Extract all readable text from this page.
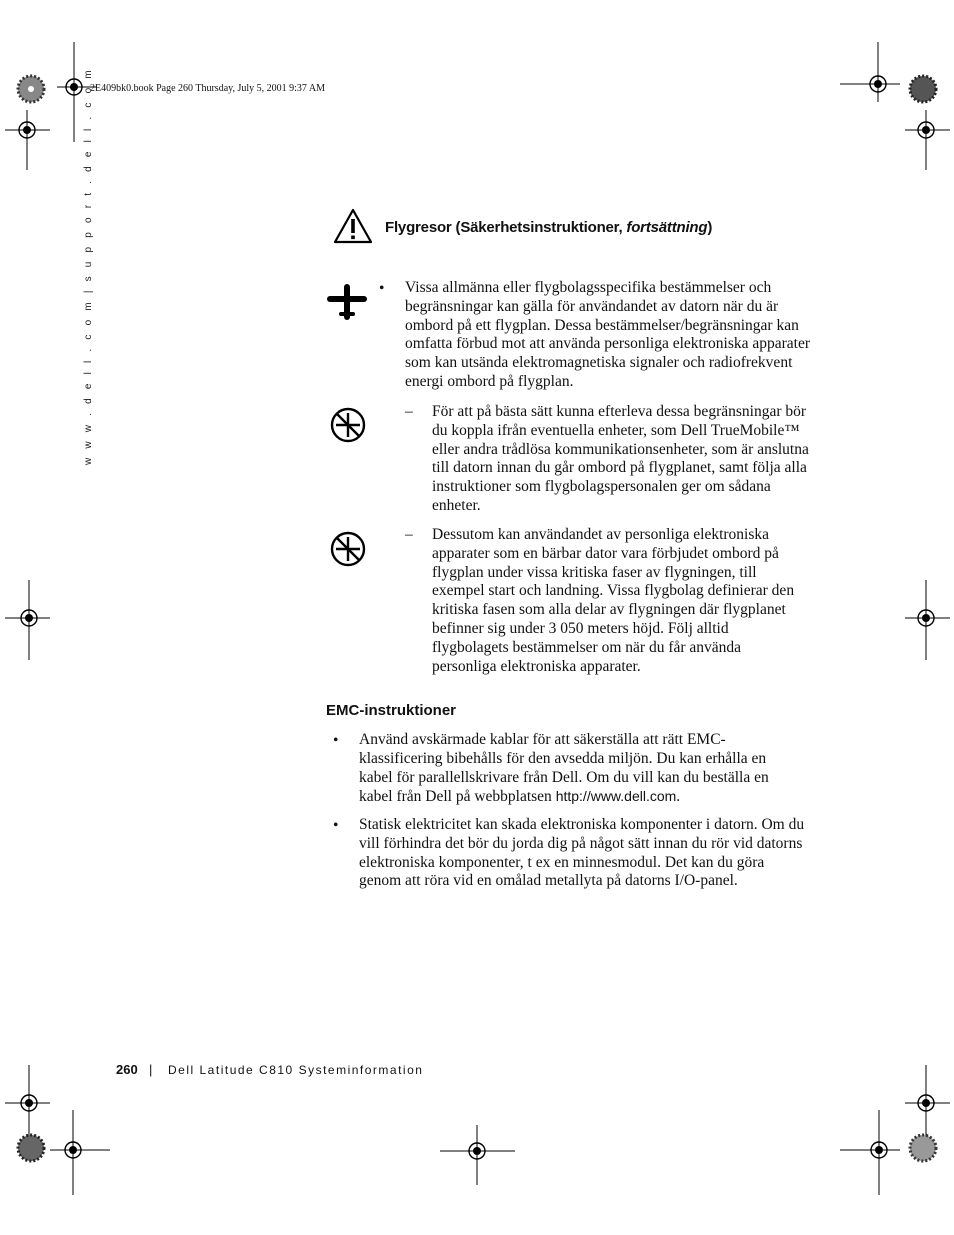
2E409bk0.book Page 260 Thursday, July 5, 2001 9:37 AM
w w w . d e l l . c o m | s u p p o r t . d e l l . c o m	Flygresor (Säkerhetsinstruktioner, fortsättning)
• Vissa allmänna eller flygbolagsspecifika bestämmelser och begränsningar kan gälla för användandet av datorn när du är ombord på ett flygplan. Dessa bestämmelser/begränsningar kan omfatta förbud mot att använda personliga elektroniska apparater som kan utsända elektromagnetiska signaler och radiofrekvent energi ombord på flygplan.
– För att på bästa sätt kunna efterleva dessa begränsningar bör du koppla ifrån eventuella enheter, som Dell TrueMobile™ eller andra trådlösa kommunikationsenheter, som är anslutna till datorn innan du går ombord på flygplanet, samt följa alla instruktioner som flygbolagspersonalen ger om sådana enheter.
– Dessutom kan användandet av personliga elektroniska apparater som en bärbar dator vara förbjudet ombord på flygplan under vissa kritiska faser av flygningen, till exempel start och landning. Vissa flygbolag definierar den kritiska fasen som alla delar av flygningen där flygplanet befinner sig under 3 050 meters höjd. Följ alltid flygbolagets bestämmelser om när du får använda personliga elektroniska apparater.
EMC-instruktioner
• Använd avskärmade kablar för att säkerställa att rätt EMC-klassificering bibehålls för den avsedda miljön. Du kan erhålla en kabel för parallellskrivare från Dell. Om du vill kan du beställa en kabel från Dell på webbplatsen http://www.dell.com.
• Statisk elektricitet kan skada elektroniska komponenter i datorn. Om du vill förhindra det bör du jorda dig på något sätt innan du rör vid datorns elektroniska komponenter, t ex en minnesmodul. Det kan du göra genom att röra vid en omålad metallyta på datorns I/O-panel.
260 | Dell Latitude C810 Systeminformation
